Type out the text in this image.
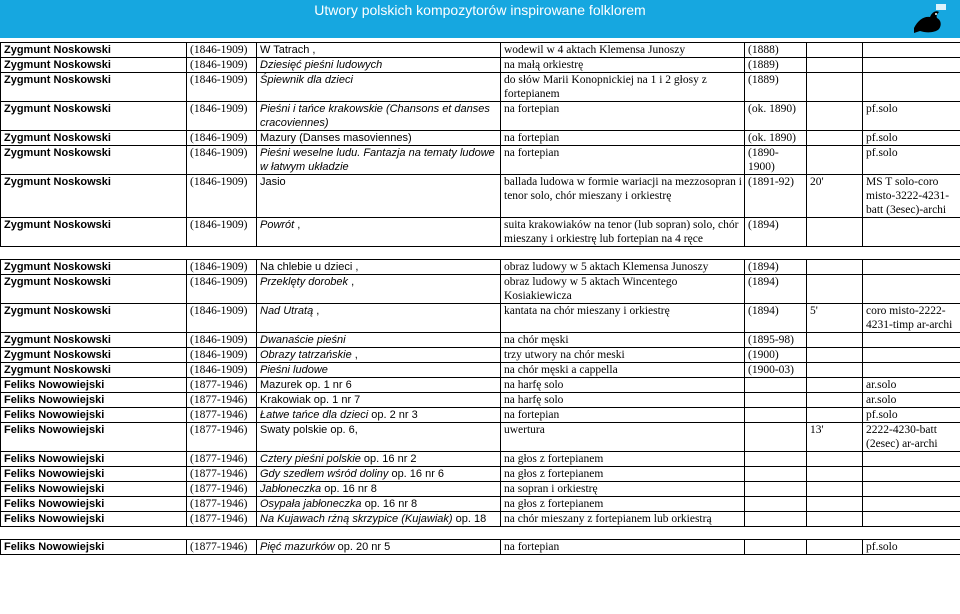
Utwory polskich kompozytorów inspirowane folklorem
Zygmunt Noskowski	(1846-1909)	W Tatrach ,	wodewil w 4 aktach Klemensa Junoszy	(1888)		
Zygmunt Noskowski	(1846-1909)	Dziesięć pieśni ludowych	na małą orkiestrę	(1889)		
Zygmunt Noskowski	(1846-1909)	Śpiewnik dla dzieci	do słów Marii Konopnickiej na 1 i 2 głosy z fortepianem	(1889)		
Zygmunt Noskowski	(1846-1909)	Pieśni i tańce krakowskie (Chansons et danses cracoviennes)	na fortepian	(ok. 1890)		pf.solo
Zygmunt Noskowski	(1846-1909)	Mazury (Danses masoviennes)	na fortepian	(ok. 1890)		pf.solo
Zygmunt Noskowski	(1846-1909)	Pieśni weselne ludu. Fantazja na tematy ludowe w łatwym układzie	na fortepian	(1890-1900)		pf.solo
Zygmunt Noskowski	(1846-1909)	Jasio	ballada ludowa w formie wariacji na mezzosopran i tenor solo, chór mieszany i orkiestrę	(1891-92)	20'	MS T solo-coro misto-3222-4231-batt (3esec)-archi
Zygmunt Noskowski	(1846-1909)	Powrót ,	suita krakowiaków na tenor (lub sopran) solo, chór mieszany i orkiestrę lub fortepian na 4 ręce	(1894)		

Zygmunt Noskowski	(1846-1909)	Na chlebie u dzieci ,	obraz ludowy w 5 aktach Klemensa Junoszy	(1894)		
Zygmunt Noskowski	(1846-1909)	Przeklęty dorobek ,	obraz ludowy w 5 aktach Wincentego Kosiakiewicza	(1894)		
Zygmunt Noskowski	(1846-1909)	Nad Utratą ,	kantata na chór mieszany i orkiestrę	(1894)	5'	coro misto-2222-4231-timp ar-archi
Zygmunt Noskowski	(1846-1909)	Dwanaście pieśni	na chór męski	(1895-98)		
Zygmunt Noskowski	(1846-1909)	Obrazy tatrzańskie ,	trzy utwory na chór meski	(1900)		
Zygmunt Noskowski	(1846-1909)	Pieśni ludowe	na chór męski a cappella	(1900-03)		
Feliks Nowowiejski	(1877-1946)	Mazurek op. 1 nr 6	na harfę solo			ar.solo
Feliks Nowowiejski	(1877-1946)	Krakowiak op. 1 nr 7	na harfę solo			ar.solo
Feliks Nowowiejski	(1877-1946)	Łatwe tańce dla dzieci op. 2 nr 3	na fortepian			pf.solo
Feliks Nowowiejski	(1877-1946)	Swaty polskie op. 6,	uwertura		13'	2222-4230-batt (2esec) ar-archi
Feliks Nowowiejski	(1877-1946)	Cztery pieśni polskie op. 16 nr 2	na głos z fortepianem			
Feliks Nowowiejski	(1877-1946)	Gdy szedłem wśród doliny op. 16 nr 6	na głos z fortepianem			
Feliks Nowowiejski	(1877-1946)	Jabłoneczka op. 16 nr 8	na sopran i orkiestrę			
Feliks Nowowiejski	(1877-1946)	Osypała jabłoneczka op. 16 nr 8	na głos z fortepianem			
Feliks Nowowiejski	(1877-1946)	Na Kujawach rżną skrzypice (Kujawiak) op. 18	na chór mieszany z fortepianem lub orkiestrą			

Feliks Nowowiejski	(1877-1946)	Pięć mazurków op. 20 nr 5	na fortepian			pf.solo
